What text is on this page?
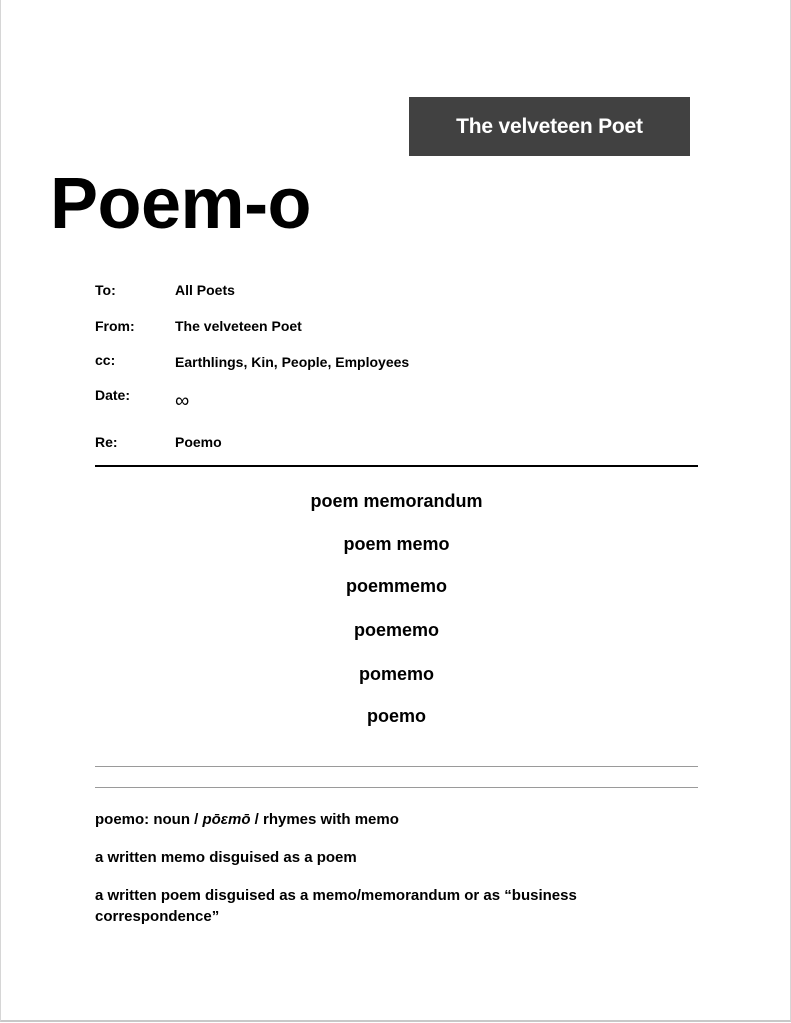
The velveteen Poet
Poem-o
To:	All Poets
From:	The velveteen Poet
cc:	Earthlings, Kin, People, Employees
Date: ∞
Re:	Poemo
poem memorandum
poem memo
poemmemo
poememo
pomemo
poemo
poemo: noun / pōɛmō / rhymes with memo
a written memo disguised as a poem
a written poem disguised as a memo/memorandum or as “business correspondence”
